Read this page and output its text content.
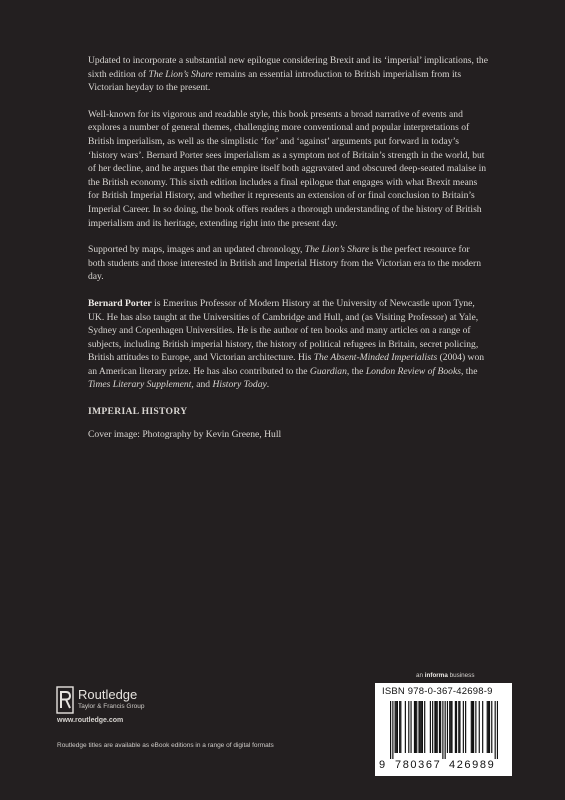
Updated to incorporate a substantial new epilogue considering Brexit and its ‘imperial’ implications, the sixth edition of The Lion’s Share remains an essential introduction to British imperialism from its Victorian heyday to the present.

Well-known for its vigorous and readable style, this book presents a broad narrative of events and explores a number of general themes, challenging more conventional and popular interpretations of British imperialism, as well as the simplistic ‘for’ and ‘against’ arguments put forward in today’s ‘history wars’. Bernard Porter sees imperialism as a symptom not of Britain’s strength in the world, but of her decline, and he argues that the empire itself both aggravated and obscured deep-seated malaise in the British economy. This sixth edition includes a final epilogue that engages with what Brexit means for British Imperial History, and whether it represents an extension of or final conclusion to Britain’s Imperial Career. In so doing, the book offers readers a thorough understanding of the history of British imperialism and its heritage, extending right into the present day.

Supported by maps, images and an updated chronology, The Lion’s Share is the perfect resource for both students and those interested in British and Imperial History from the Victorian era to the modern day.

Bernard Porter is Emeritus Professor of Modern History at the University of Newcastle upon Tyne, UK. He has also taught at the Universities of Cambridge and Hull, and (as Visiting Professor) at Yale, Sydney and Copenhagen Universities. He is the author of ten books and many articles on a range of subjects, including British imperial history, the history of political refugees in Britain, secret policing, British attitudes to Europe, and Victorian architecture. His The Absent-Minded Imperialists (2004) won an American literary prize. He has also contributed to the Guardian, the London Review of Books, the Times Literary Supplement, and History Today.

IMPERIAL HISTORY

Cover image: Photography by Kevin Greene, Hull

Routledge
Taylor & Francis Group
www.routledge.com
Routledge titles are available as eBook editions in a range of digital formats
an informa business
ISBN 978-0-367-42698-9
9 780367 426989
